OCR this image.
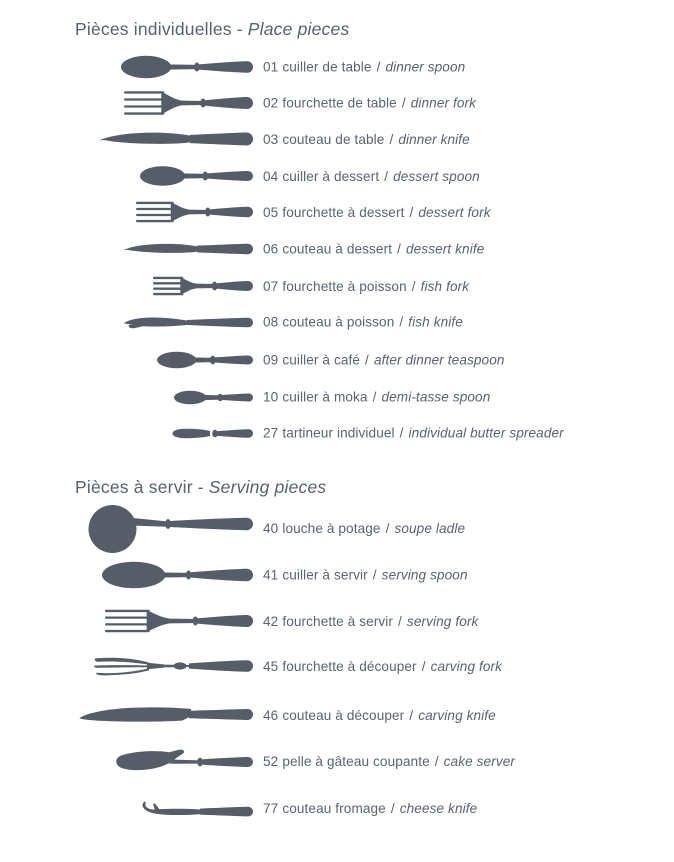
Pièces individuelles - Place pieces
Pièces à servir - Serving pieces
01 cuiller de table / dinner spoon
02 fourchette de table / dinner fork
03 couteau de table / dinner knife
04 cuiller à dessert / dessert spoon
05 fourchette à dessert / dessert fork
06 couteau à dessert / dessert knife
07 fourchette à poisson / fish fork
08 couteau à poisson / fish knife
09 cuiller à café / after dinner teaspoon
10 cuiller à moka / demi-tasse spoon
27 tartineur individuel / individual butter spreader
40 louche à potage / soupe ladle
41 cuiller à servir / serving spoon
42 fourchette à servir / serving fork
45 fourchette à découper / carving fork
46 couteau à découper / carving knife
52 pelle à gâteau coupante / cake server
77 couteau fromage / cheese knife
